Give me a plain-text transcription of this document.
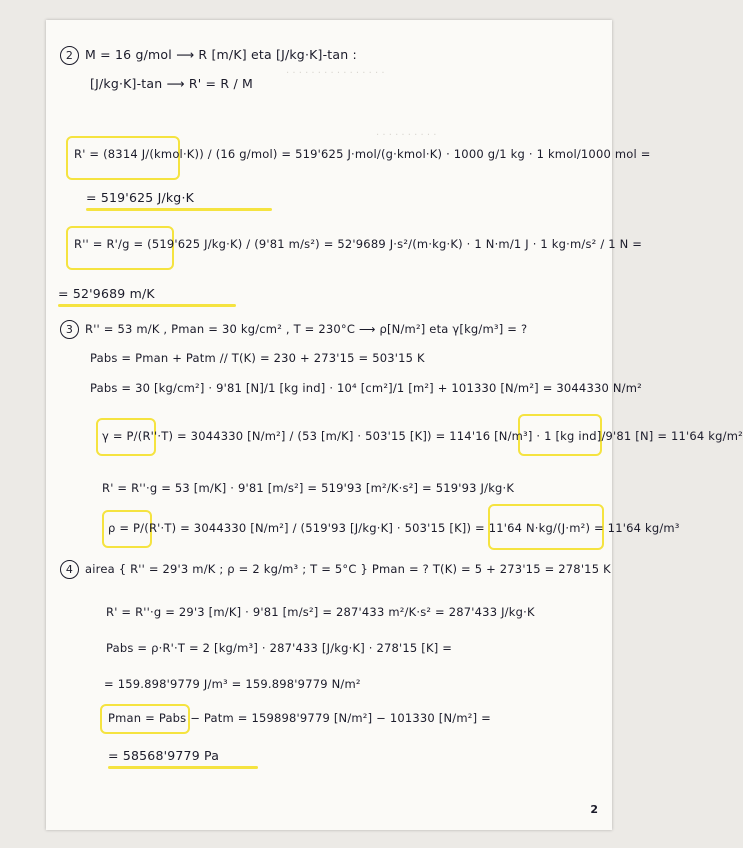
· · · · · · · · · · · · · · · ·
· · · · · · · · · ·
2 M = 16 g/mol ⟶ R [m/K] eta [J/kg·K]-tan :
[J/kg·K]-tan ⟶ R' = R / M
R' = (8314 J/(kmol·K)) / (16 g/mol) = 519'625 J·mol/(g·kmol·K) · 1000 g/1 kg · 1 kmol/1000 mol =
= 519'625 J/kg·K
R'' = R'/g = (519'625 J/kg·K) / (9'81 m/s²) = 52'9689 J·s²/(m·kg·K) · 1 N·m/1 J · 1 kg·m/s² / 1 N =
= 52'9689 m/K
3 R'' = 53 m/K , Pman = 30 kg/cm² , T = 230°C ⟶ ρ[N/m²] eta γ[kg/m³] = ?
Pabs = Pman + Patm // T(K) = 230 + 273'15 = 503'15 K
Pabs = 30 [kg/cm²] · 9'81 [N]/1 [kg ind] · 10⁴ [cm²]/1 [m²] + 101330 [N/m²] = 3044330 N/m²
γ = P/(R''·T) = 3044330 [N/m²] / (53 [m/K] · 503'15 [K]) = 114'16 [N/m³] · 1 [kg ind]/9'81 [N] = 11'64 kg/m²
R' = R''·g = 53 [m/K] · 9'81 [m/s²] = 519'93 [m²/K·s²] = 519'93 J/kg·K
ρ = P/(R'·T) = 3044330 [N/m²] / (519'93 [J/kg·K] · 503'15 [K]) = 11'64 N·kg/(J·m²) = 11'64 kg/m³
4 airea { R'' = 29'3 m/K ; ρ = 2 kg/m³ ; T = 5°C } Pman = ? T(K) = 5 + 273'15 = 278'15 K
R' = R''·g = 29'3 [m/K] · 9'81 [m/s²] = 287'433 m²/K·s² = 287'433 J/kg·K
Pabs = ρ·R'·T = 2 [kg/m³] · 287'433 [J/kg·K] · 278'15 [K] =
= 159.898'9779 J/m³ = 159.898'9779 N/m²
Pman = Pabs − Patm = 159898'9779 [N/m²] − 101330 [N/m²] =
= 58568'9779 Pa
2
